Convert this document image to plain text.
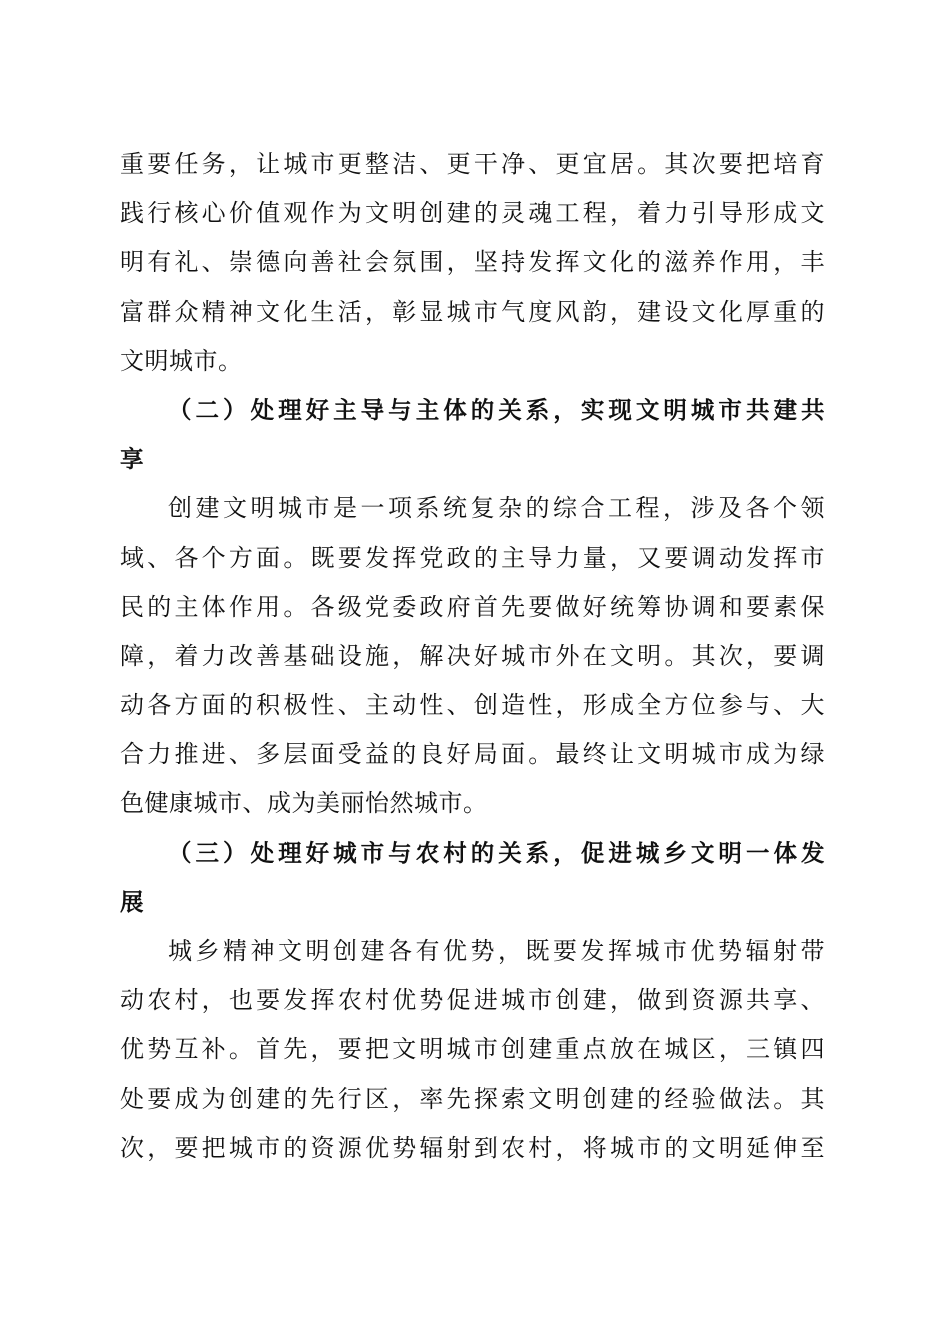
重要任务，让城市更整洁、更干净、更宜居。其次要把培育
践行核心价值观作为文明创建的灵魂工程，着力引导形成文
明有礼、崇德向善社会氛围，坚持发挥文化的滋养作用，丰
富群众精神文化生活，彰显城市气度风韵，建设文化厚重的
文明城市。
（二）处理好主导与主体的关系，实现文明城市共建共
享
创建文明城市是一项系统复杂的综合工程，涉及各个领
域、各个方面。既要发挥党政的主导力量，又要调动发挥市
民的主体作用。各级党委政府首先要做好统筹协调和要素保
障，着力改善基础设施，解决好城市外在文明。其次，要调
动各方面的积极性、主动性、创造性，形成全方位参与、大
合力推进、多层面受益的良好局面。最终让文明城市成为绿
色健康城市、成为美丽怡然城市。
（三）处理好城市与农村的关系，促进城乡文明一体发
展
城乡精神文明创建各有优势，既要发挥城市优势辐射带
动农村，也要发挥农村优势促进城市创建，做到资源共享、
优势互补。首先，要把文明城市创建重点放在城区，三镇四
处要成为创建的先行区，率先探索文明创建的经验做法。其
次，要把城市的资源优势辐射到农村，将城市的文明延伸至
